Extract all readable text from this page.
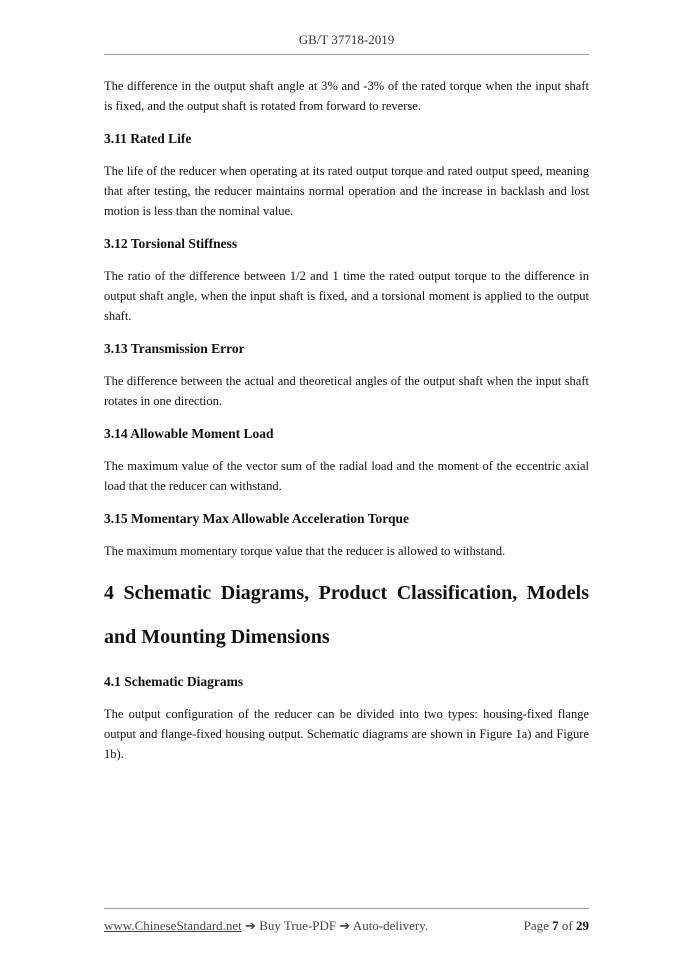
GB/T 37718-2019

The difference in the output shaft angle at 3% and -3% of the rated torque when the input shaft is fixed, and the output shaft is rotated from forward to reverse.

3.11 Rated Life

The life of the reducer when operating at its rated output torque and rated output speed, meaning that after testing, the reducer maintains normal operation and the increase in backlash and lost motion is less than the nominal value.

3.12 Torsional Stiffness

The ratio of the difference between 1/2 and 1 time the rated output torque to the difference in output shaft angle, when the input shaft is fixed, and a torsional moment is applied to the output shaft.

3.13 Transmission Error

The difference between the actual and theoretical angles of the output shaft when the input shaft rotates in one direction.

3.14 Allowable Moment Load

The maximum value of the vector sum of the radial load and the moment of the eccentric axial load that the reducer can withstand.

3.15 Momentary Max Allowable Acceleration Torque

The maximum momentary torque value that the reducer is allowed to withstand.

4 Schematic Diagrams, Product Classification, Models and Mounting Dimensions
4.1 Schematic Diagrams

The output configuration of the reducer can be divided into two types: housing-fixed flange output and flange-fixed housing output. Schematic diagrams are shown in Figure 1a) and Figure 1b).

www.ChineseStandard.net ➔ Buy True-PDF ➔ Auto-delivery.	Page 7 of 29
